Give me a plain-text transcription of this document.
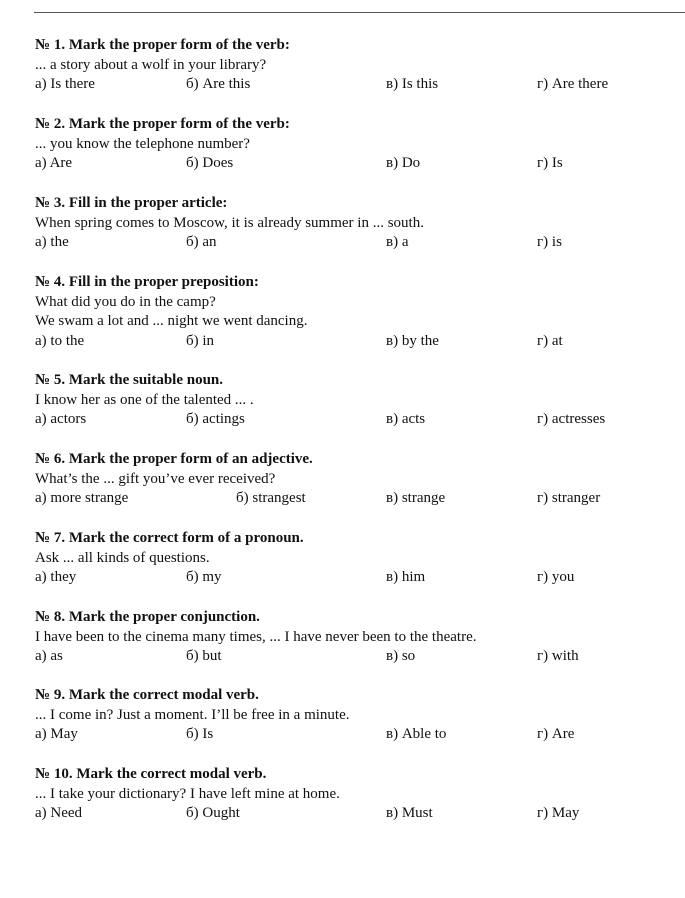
№ 1. Mark the proper form of the verb:
... a story about a wolf in your library?
a) Is there	б) Are this	в) Is this	г) Are there
№ 2. Mark the proper form of the verb:
... you know the telephone number?
a) Are	б) Does	в) Do	г) Is
№ 3. Fill in the proper article:
When spring comes to Moscow, it is already summer in ... south.
a) the	б) an	в) a	г) is
№ 4. Fill in the proper preposition:
What did you do in the camp?
We swam a lot and ... night we went dancing.
a) to the	б) in	в) by the	г) at
№ 5. Mark the suitable noun.
I know her as one of the talented ... .
a) actors	б) actings	в) acts	г) actresses
№ 6. Mark the proper form of an adjective.
What’s the ... gift you’ve ever received?
a) more strange	б) strangest	в) strange	г) stranger
№ 7. Mark the correct form of a pronoun.
Ask ... all kinds of questions.
a) they	б) my	в) him	г) you
№ 8. Mark the proper conjunction.
I have been to the cinema many times, ... I have never been to the theatre.
a) as	б) but	в) so	г) with
№ 9. Mark the correct modal verb.
... I come in? Just a moment. I’ll be free in a minute.
a) May	б) Is	в) Able to	г) Are
№ 10. Mark the correct modal verb.
... I take your dictionary? I have left mine at home.
a) Need	б) Ought	в) Must	г) May
